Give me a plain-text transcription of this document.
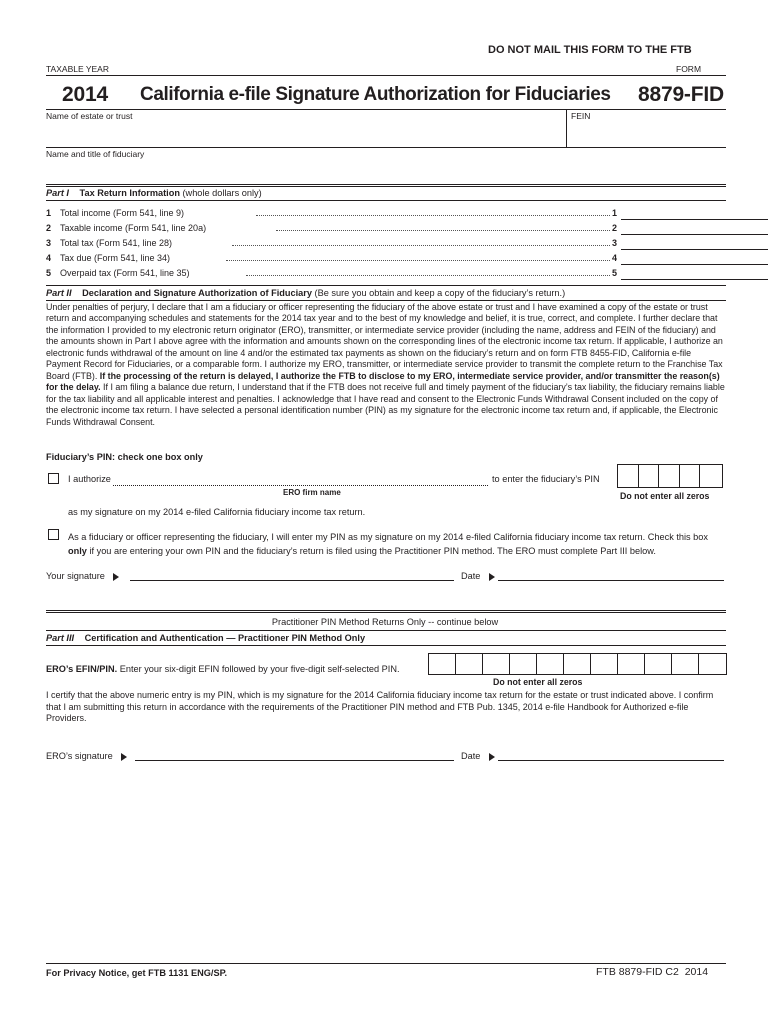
DO NOT MAIL THIS FORM TO THE FTB
TAXABLE YEAR	FORM
2014 California e-file Signature Authorization for Fiduciaries 8879-FID
Name of estate or trust	FEIN
Name and title of fiduciary
Part I Tax Return Information (whole dollars only)
1 Total income (Form 541, line 9)	1
2 Taxable income (Form 541, line 20a)	2
3 Total tax (Form 541, line 28)	3
4 Tax due (Form 541, line 34)	4
5 Overpaid tax (Form 541, line 35)	5
Part II Declaration and Signature Authorization of Fiduciary (Be sure you obtain and keep a copy of the fiduciary’s return.)
Under penalties of perjury, I declare that I am a fiduciary or officer representing the fiduciary of the above estate or trust and I have examined a copy of the estate or trust return and accompanying schedules and statements for the 2014 tax year and to the best of my knowledge and belief, it is true, correct, and complete. I further declare that the information I provided to my electronic return originator (ERO), transmitter, or intermediate service provider (including the name, address and FEIN of the fiduciary) and the amounts shown in Part I above agree with the information and amounts shown on the corresponding lines of the electronic income tax return. If applicable, I authorize an electronic funds withdrawal of the amount on line 4 and/or the estimated tax payments as shown on the fiduciary’s return and on form FTB 8455-FID, California e-file Payment Record for Fiduciaries, or a comparable form. I authorize my ERO, transmitter, or intermediate service provider to transmit the complete return to the Franchise Tax Board (FTB). If the processing of the return is delayed, I authorize the FTB to disclose to my ERO, intermediate service provider, and/or transmitter the reason(s) for the delay. If I am filing a balance due return, I understand that if the FTB does not receive full and timely payment of the fiduciary’s tax liability, the fiduciary remains liable for the tax liability and all applicable interest and penalties. I acknowledge that I have read and consent to the Electronic Funds Withdrawal Consent included on the copy of the electronic income tax return. I have selected a personal identification number (PIN) as my signature for the electronic income tax return and, if applicable, the Electronic Funds Withdrawal Consent.
Fiduciary’s PIN: check one box only
I authorize	to enter the fiduciary’s PIN
ERO firm name	Do not enter all zeros
as my signature on my 2014 e-filed California fiduciary income tax return.
As a fiduciary or officer representing the fiduciary, I will enter my PIN as my signature on my 2014 e-filed California fiduciary income tax return. Check this box only if you are entering your own PIN and the fiduciary’s return is filed using the Practitioner PIN method. The ERO must complete Part III below.
Your signature	Date
Practitioner PIN Method Returns Only -- continue below
Part III Certification and Authentication — Practitioner PIN Method Only
ERO’s EFIN/PIN. Enter your six-digit EFIN followed by your five-digit self-selected PIN.
Do not enter all zeros
I certify that the above numeric entry is my PIN, which is my signature for the 2014 California fiduciary income tax return for the estate or trust indicated above. I confirm that I am submitting this return in accordance with the requirements of the Practitioner PIN method and FTB Pub. 1345, 2014 e-file Handbook for Authorized e-file Providers.
ERO’s signature	Date
For Privacy Notice, get FTB 1131 ENG/SP.	FTB 8879-FID C2  2014
